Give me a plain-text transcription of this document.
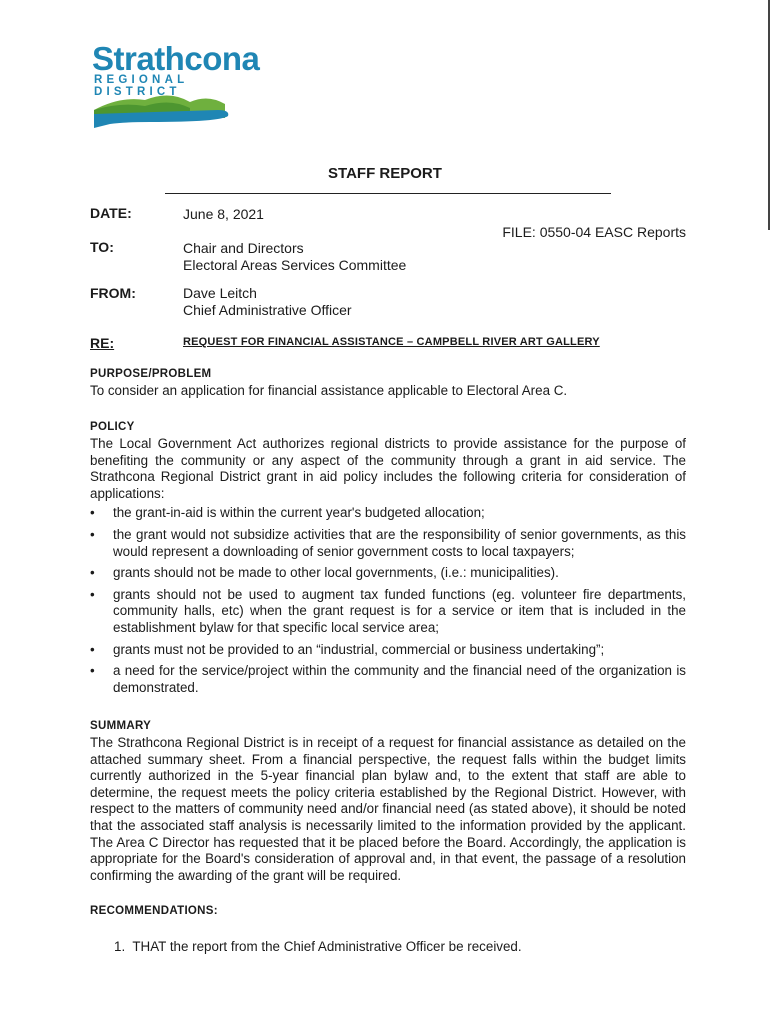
Strathcona
REGIONAL DISTRICT
STAFF REPORT
DATE:	June 8, 2021
FILE: 0550-04 EASC Reports
TO:	Chair and Directors
Electoral Areas Services Committee
FROM:	Dave Leitch
Chief Administrative Officer
RE:	REQUEST FOR FINANCIAL ASSISTANCE – CAMPBELL RIVER ART GALLERY
PURPOSE/PROBLEM
To consider an application for financial assistance applicable to Electoral Area C.
POLICY
The Local Government Act authorizes regional districts to provide assistance for the purpose of benefiting the community or any aspect of the community through a grant in aid service. The Strathcona Regional District grant in aid policy includes the following criteria for consideration of applications:
• the grant-in-aid is within the current year's budgeted allocation;
• the grant would not subsidize activities that are the responsibility of senior governments, as this would represent a downloading of senior government costs to local taxpayers;
• grants should not be made to other local governments, (i.e.: municipalities).
• grants should not be used to augment tax funded functions (eg. volunteer fire departments, community halls, etc) when the grant request is for a service or item that is included in the establishment bylaw for that specific local service area;
• grants must not be provided to an “industrial, commercial or business undertaking”;
• a need for the service/project within the community and the financial need of the organization is demonstrated.
SUMMARY
The Strathcona Regional District is in receipt of a request for financial assistance as detailed on the attached summary sheet. From a financial perspective, the request falls within the budget limits currently authorized in the 5-year financial plan bylaw and, to the extent that staff are able to determine, the request meets the policy criteria established by the Regional District. However, with respect to the matters of community need and/or financial need (as stated above), it should be noted that the associated staff analysis is necessarily limited to the information provided by the applicant. The Area C Director has requested that it be placed before the Board. Accordingly, the application is appropriate for the Board's consideration of approval and, in that event, the passage of a resolution confirming the awarding of the grant will be required.
RECOMMENDATIONS:
1. THAT the report from the Chief Administrative Officer be received.
